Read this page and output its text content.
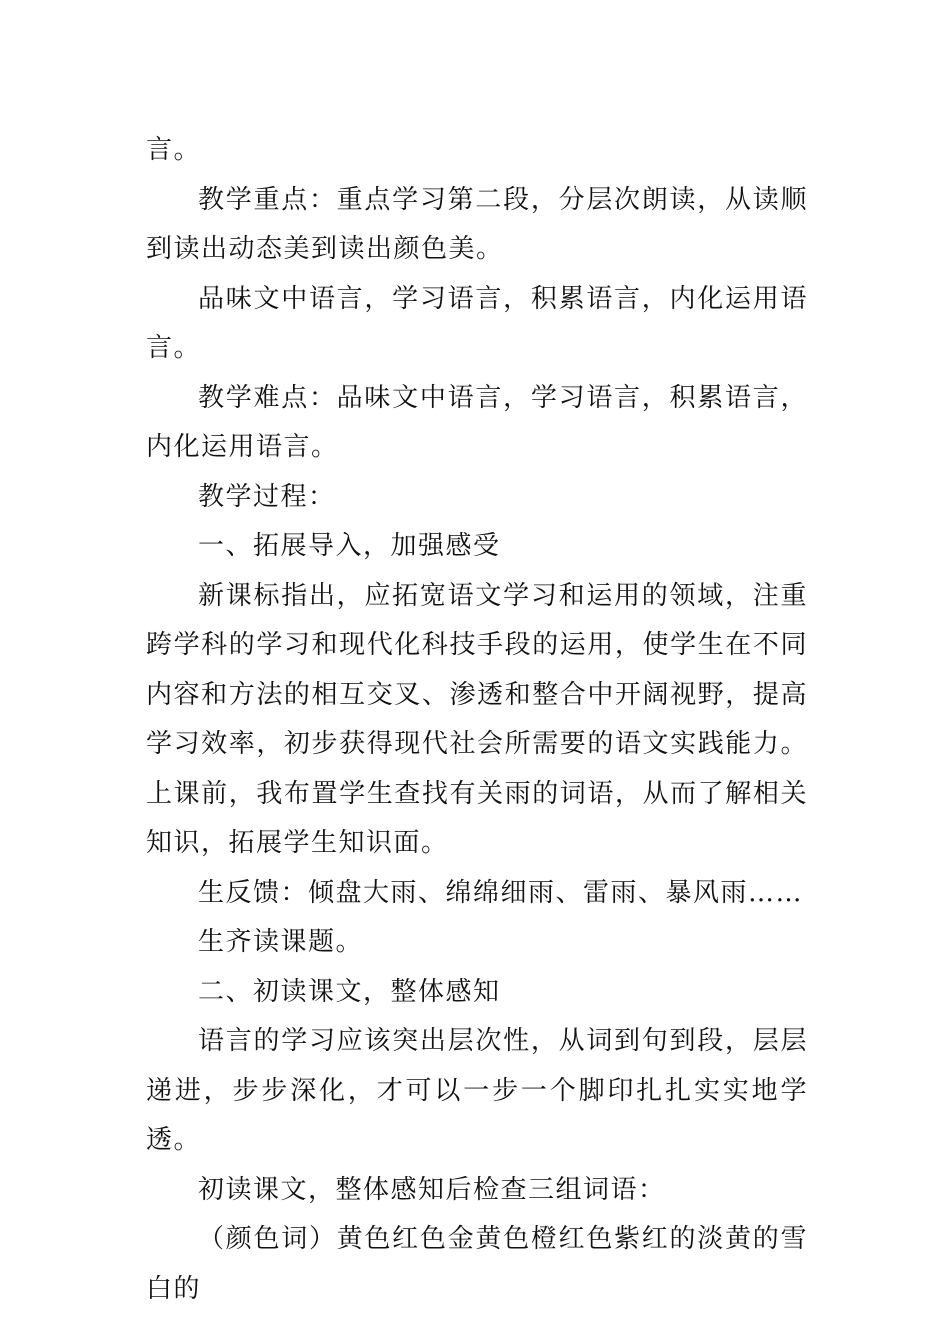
言。

教学重点：重点学习第二段，分层次朗读，从读顺到读出动态美到读出颜色美。

品味文中语言，学习语言，积累语言，内化运用语言。

教学难点：品味文中语言，学习语言，积累语言，内化运用语言。

教学过程：

一、拓展导入，加强感受

新课标指出，应拓宽语文学习和运用的领域，注重跨学科的学习和现代化科技手段的运用，使学生在不同内容和方法的相互交叉、渗透和整合中开阔视野，提高学习效率，初步获得现代社会所需要的语文实践能力。上课前，我布置学生查找有关雨的词语，从而了解相关知识，拓展学生知识面。

生反馈：倾盘大雨、绵绵细雨、雷雨、暴风雨……

生齐读课题。

二、初读课文，整体感知

语言的学习应该突出层次性，从词到句到段，层层递进，步步深化，才可以一步一个脚印扎扎实实地学透。

初读课文，整体感知后检查三组词语：

（颜色词）黄色红色金黄色橙红色紫红的淡黄的雪白的
